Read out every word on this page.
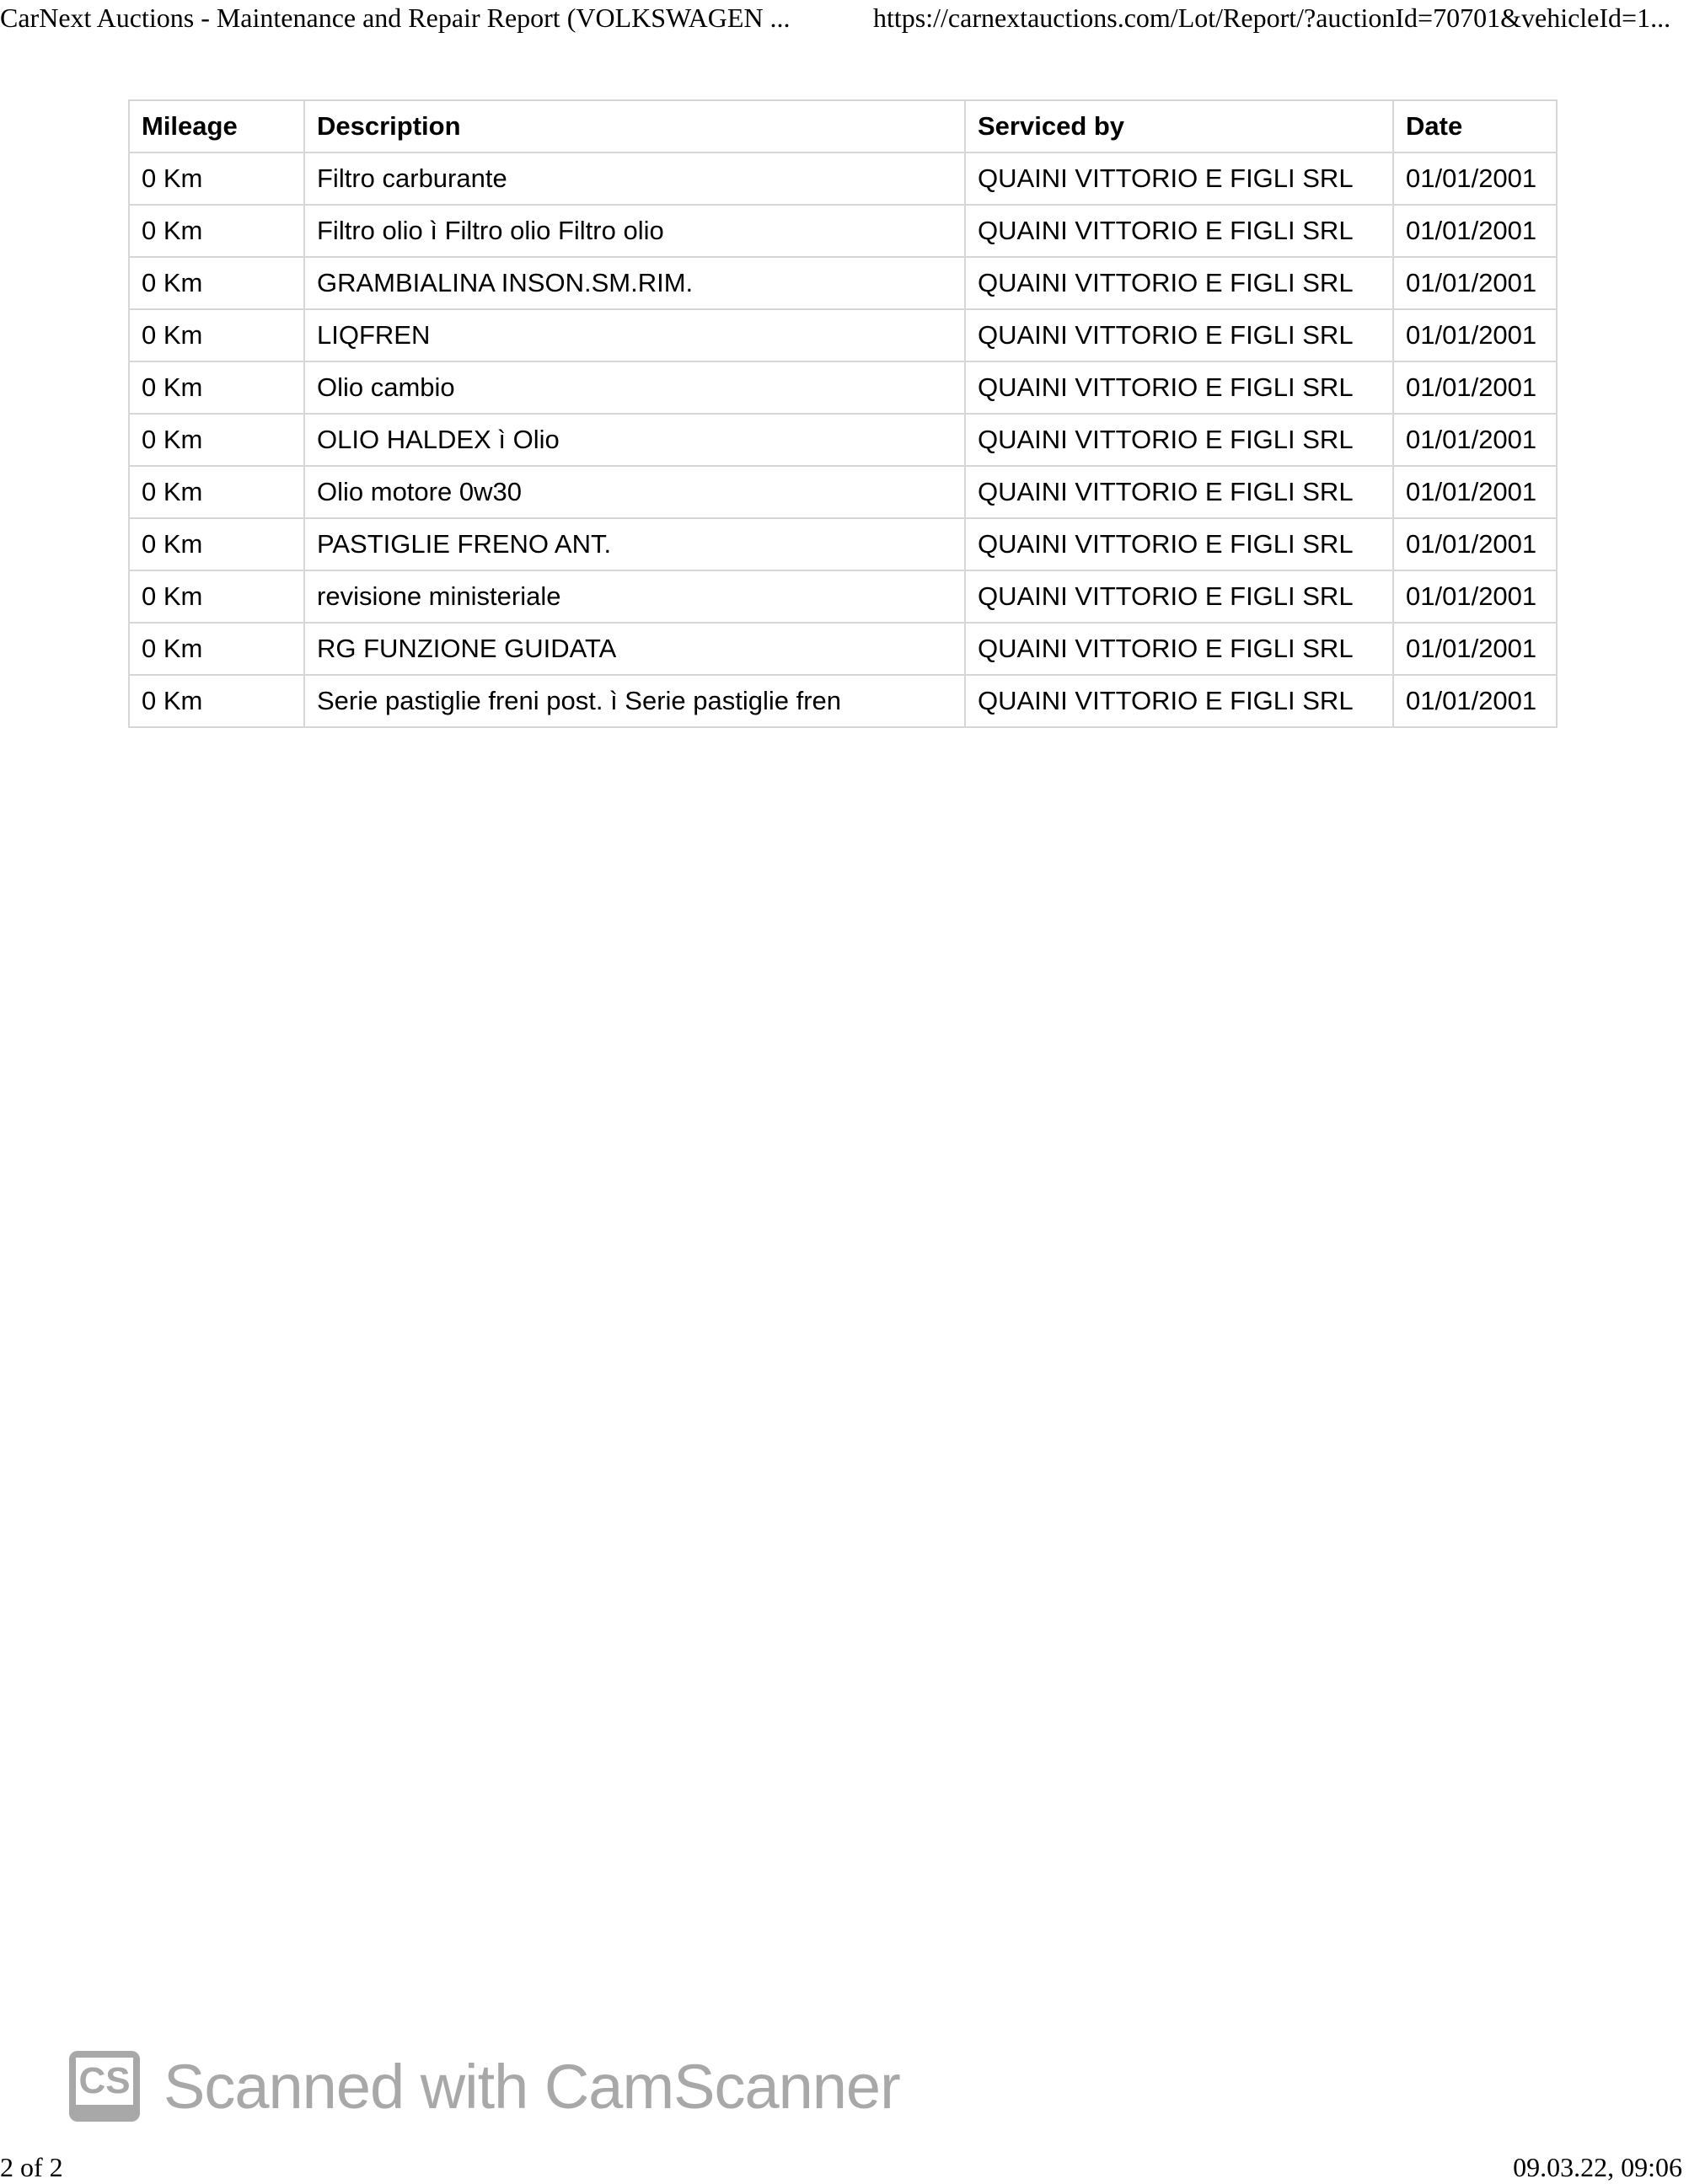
CarNext Auctions - Maintenance and Repair Report (VOLKSWAGEN ...	https://carnextauctions.com/Lot/Report/?auctionId=70701&vehicleId=1...
Mileage	Description	Serviced by	Date
0 Km	Filtro carburante	QUAINI VITTORIO E FIGLI SRL	01/01/2001
0 Km	Filtro olio ì Filtro olio Filtro olio	QUAINI VITTORIO E FIGLI SRL	01/01/2001
0 Km	GRAMBIALINA INSON.SM.RIM.	QUAINI VITTORIO E FIGLI SRL	01/01/2001
0 Km	LIQFREN	QUAINI VITTORIO E FIGLI SRL	01/01/2001
0 Km	Olio cambio	QUAINI VITTORIO E FIGLI SRL	01/01/2001
0 Km	OLIO HALDEX ì Olio	QUAINI VITTORIO E FIGLI SRL	01/01/2001
0 Km	Olio motore 0w30	QUAINI VITTORIO E FIGLI SRL	01/01/2001
0 Km	PASTIGLIE FRENO ANT.	QUAINI VITTORIO E FIGLI SRL	01/01/2001
0 Km	revisione ministeriale	QUAINI VITTORIO E FIGLI SRL	01/01/2001
0 Km	RG FUNZIONE GUIDATA	QUAINI VITTORIO E FIGLI SRL	01/01/2001
0 Km	Serie pastiglie freni post. ì Serie pastiglie fren	QUAINI VITTORIO E FIGLI SRL	01/01/2001
CS Scanned with CamScanner
2 of 2	09.03.22, 09:06
